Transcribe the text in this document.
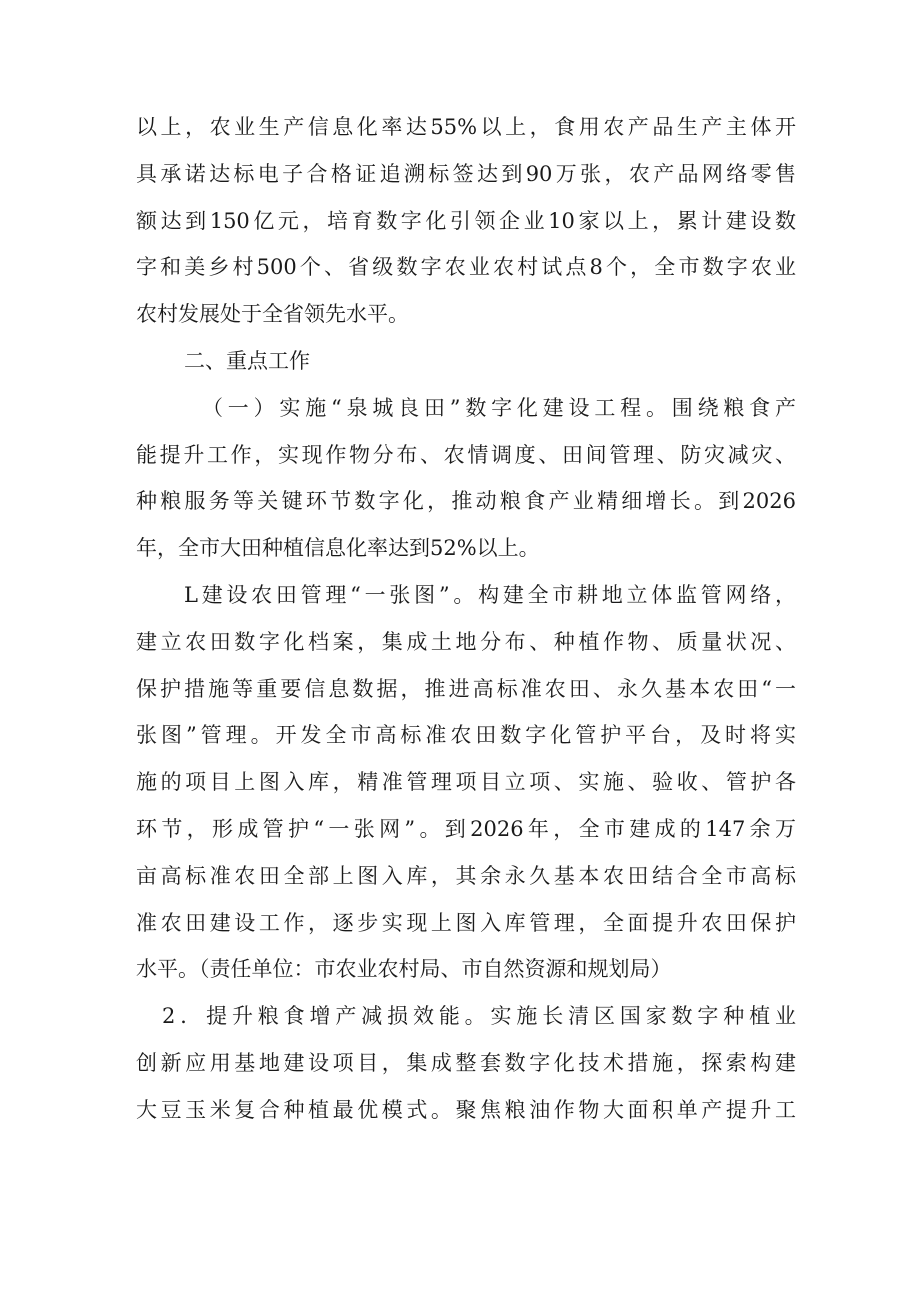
以上，农业生产信息化率达55%以上，食用农产品生产主体开
具承诺达标电子合格证追溯标签达到90万张，农产品网络零售
额达到150亿元，培育数字化引领企业10家以上，累计建设数
字和美乡村500个、省级数字农业农村试点8个，全市数字农业
农村发展处于全省领先水平。
二、重点工作
（一）实施“泉城良田”数字化建设工程。围绕粮食产
能提升工作，实现作物分布、农情调度、田间管理、防灾减灾、
种粮服务等关键环节数字化，推动粮食产业精细增长。到2026
年，全市大田种植信息化率达到52%以上。
L建设农田管理“一张图”。构建全市耕地立体监管网络，
建立农田数字化档案，集成土地分布、种植作物、质量状况、
保护措施等重要信息数据，推进高标准农田、永久基本农田“一
张图”管理。开发全市高标准农田数字化管护平台，及时将实
施的项目上图入库，精准管理项目立项、实施、验收、管护各
环节，形成管护“一张网”。到2026年，全市建成的147余万
亩高标准农田全部上图入库，其余永久基本农田结合全市高标
准农田建设工作，逐步实现上图入库管理，全面提升农田保护
水平。（责任单位：市农业农村局、市自然资源和规划局）
2．提升粮食增产减损效能。实施长清区国家数字种植业
创新应用基地建设项目，集成整套数字化技术措施，探索构建
大豆玉米复合种植最优模式。聚焦粮油作物大面积单产提升工
